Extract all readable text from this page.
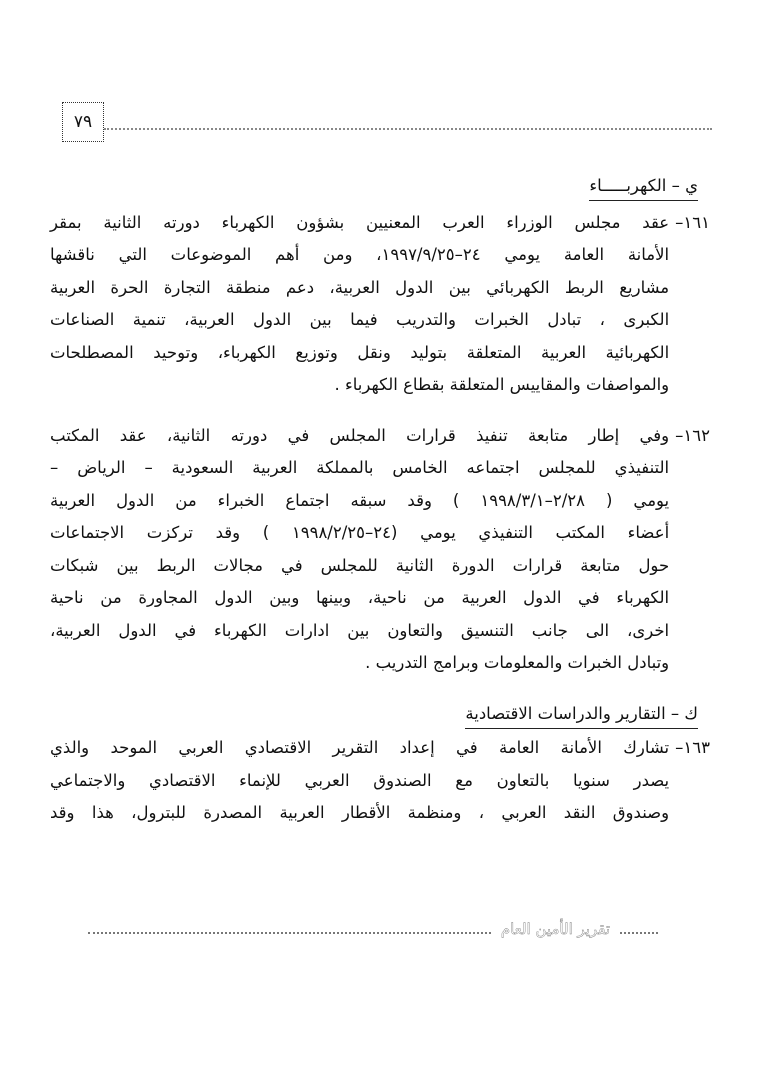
٧٩
ي – الكهربـــــاء
١٦١–

عقد مجلس الوزراء العرب المعنيين بشؤون الكهرباء دورته الثانية بمقر

الأمانة العامة يومي ٢٤–١٩٩٧/٩/٢٥، ومن أهم الموضوعات التي ناقشها

مشاريع الربط الكهربائي بين الدول العربية، دعم منطقة التجارة الحرة العربية

الكبرى ، تبادل الخبرات والتدريب فيما بين الدول العربية، تنمية الصناعات

الكهربائية العربية المتعلقة بتوليد ونقل وتوزيع الكهرباء، وتوحيد المصطلحات

والمواصفات والمقاييس المتعلقة بقطاع الكهرباء .

١٦٢–

وفي إطار متابعة تنفيذ قرارات المجلس في دورته الثانية، عقد المكتب

التنفيذي للمجلس اجتماعه الخامس بالمملكة العربية السعودية – الرياض –

يومي ( ٢/٢٨–١٩٩٨/٣/١ ) وقد سبقه اجتماع الخبراء من الدول العربية

أعضاء المكتب التنفيذي يومي (٢٤–١٩٩٨/٢/٢٥ ) وقد تركزت الاجتماعات

حول متابعة قرارات الدورة الثانية للمجلس في مجالات الربط بين شبكات

الكهرباء في الدول العربية من ناحية، وبينها وبين الدول المجاورة من ناحية

اخرى، الى جانب التنسيق والتعاون بين ادارات الكهرباء في الدول العربية،

وتبادل الخبرات والمعلومات وبرامج التدريب .

ك – التقارير والدراسات الاقتصادية
١٦٣–

تشارك الأمانة العامة في إعداد التقرير الاقتصادي العربي الموحد والذي

يصدر سنويا بالتعاون مع الصندوق العربي للإنماء الاقتصادي والاجتماعي

وصندوق النقد العربي ، ومنظمة الأقطار العربية المصدرة للبترول، هذا وقد

تقرير الأمين العام
